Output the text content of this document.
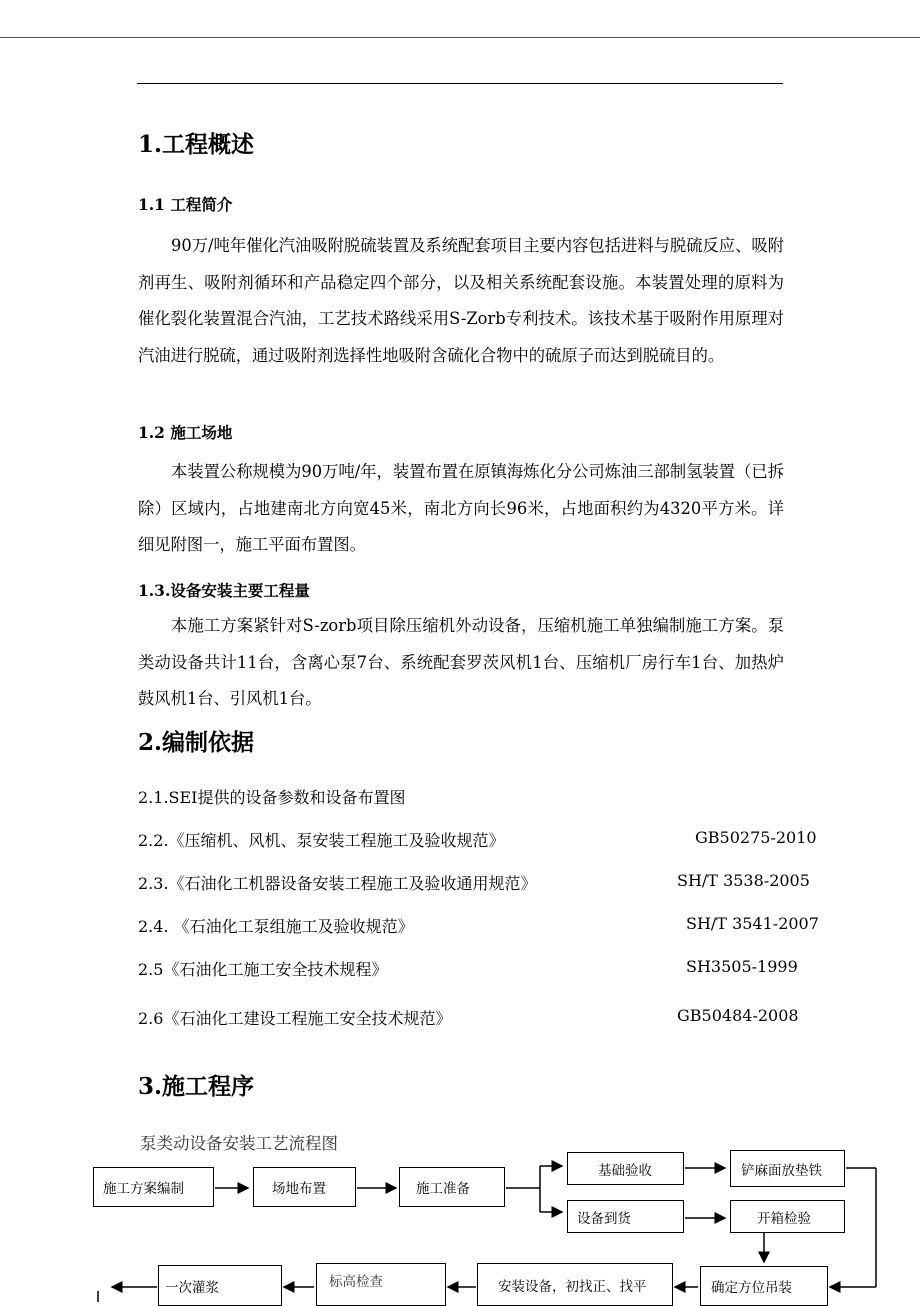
1.工程概述
1.1 工程简介

90万/吨年催化汽油吸附脱硫装置及系统配套项目主要内容包括进料与脱硫反应、吸附剂再生、吸附剂循环和产品稳定四个部分，以及相关系统配套设施。本装置处理的原料为催化裂化装置混合汽油，工艺技术路线采用S-Zorb专利技术。该技术基于吸附作用原理对汽油进行脱硫，通过吸附剂选择性地吸附含硫化合物中的硫原子而达到脱硫目的。

1.2 施工场地

本装置公称规模为90万吨/年，装置布置在原镇海炼化分公司炼油三部制氢装置（已拆除）区域内，占地建南北方向宽45米，南北方向长96米，占地面积约为4320平方米。详细见附图一，施工平面布置图。

1.3.设备安装主要工程量

本施工方案紧针对S-zorb项目除压缩机外动设备，压缩机施工单独编制施工方案。泵类动设备共计11台，含离心泵7台、系统配套罗茨风机1台、压缩机厂房行车1台、加热炉鼓风机1台、引风机1台。

2.编制依据
2.1.SEI提供的设备参数和设备布置图
2.2.《压缩机、风机、泵安装工程施工及验收规范》	GB50275-2010
2.3.《石油化工机器设备安装工程施工及验收通用规范》	SH/T 3538-2005
2.4. 《石油化工泵组施工及验收规范》	SH/T 3541-2007
2.5《石油化工施工安全技术规程》	SH3505-1999
2.6《石油化工建设工程施工安全技术规范》	GB50484-2008
3.施工程序
泵类动设备安装工艺流程图
施工方案编制	场地布置	施工准备
基础验收	铲麻面放垫铁
设备到货	开箱检验
确定方位吊装
安装设备，初找正、找平
标高检查
一次灌浆
